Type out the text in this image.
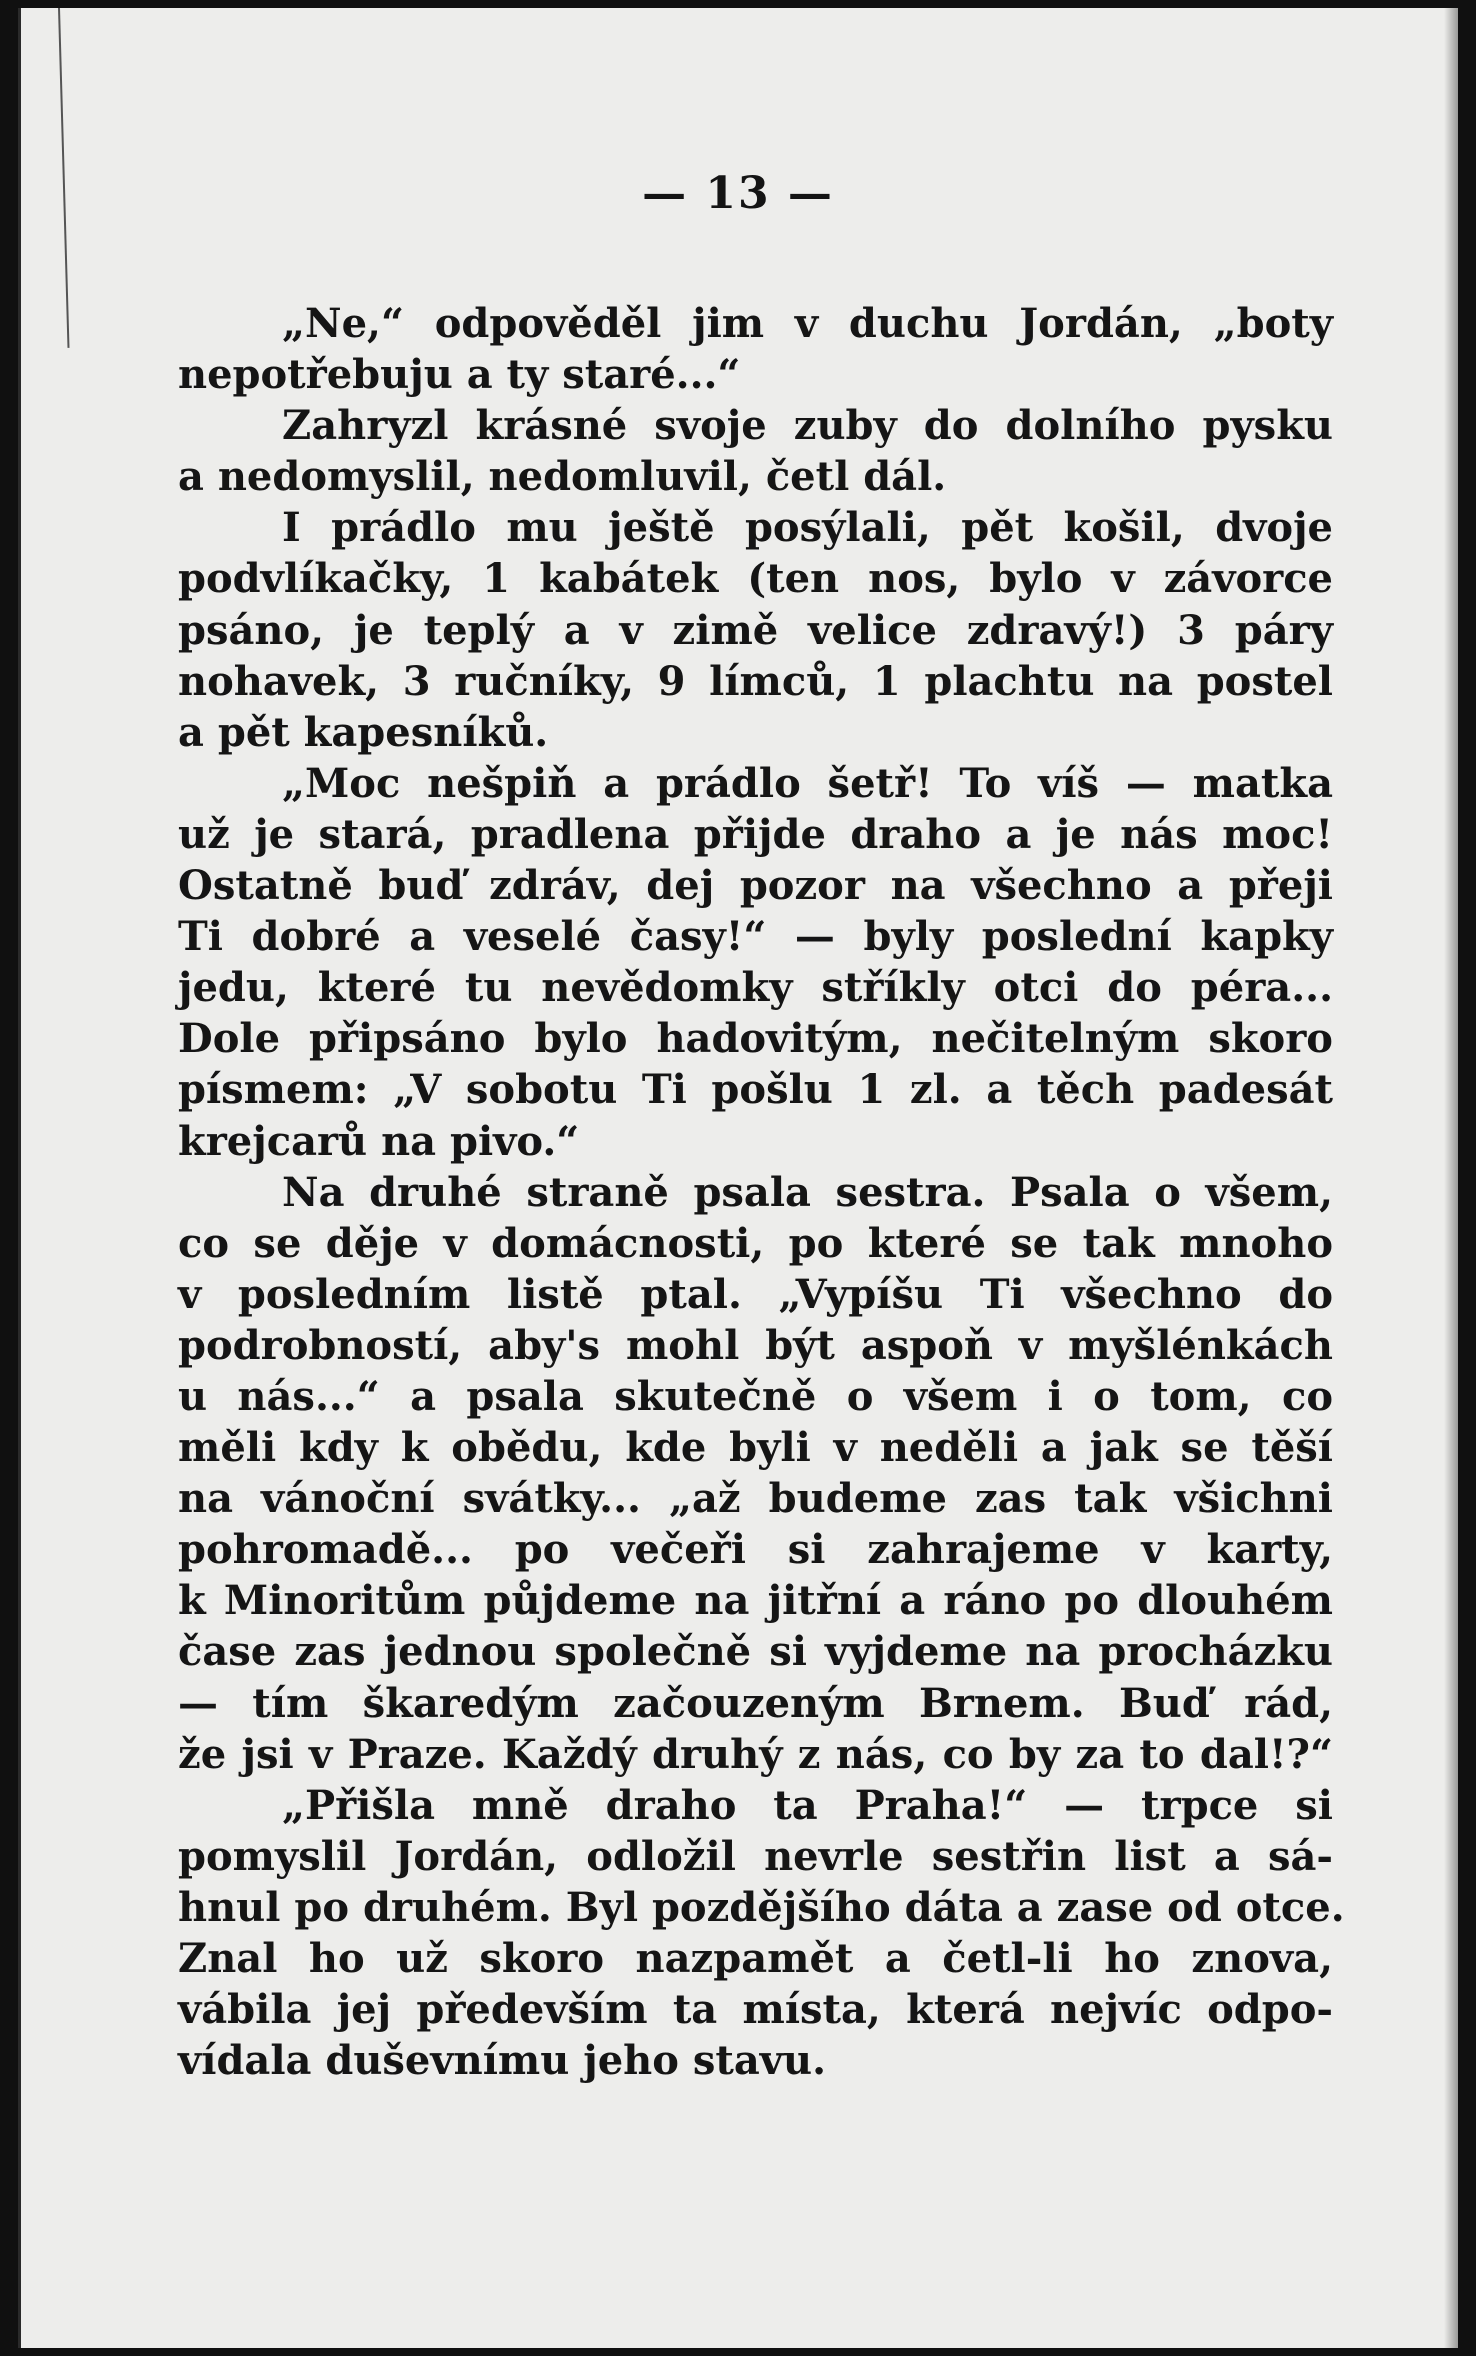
— 13 —
„Ne,“ odpověděl jim v duchu Jordán, „boty
nepotřebuju a ty staré...“
Zahryzl krásné svoje zuby do dolního pysku
a nedomyslil, nedomluvil, četl dál.
I prádlo mu ještě posýlali, pět košil, dvoje
podvlíkačky, 1 kabátek (ten nos, bylo v závorce
psáno, je teplý a v zimě velice zdravý!) 3 páry
nohavek, 3 ručníky, 9 límců, 1 plachtu na postel
a pět kapesníků.
„Moc nešpiň a prádlo šetř! To víš — matka
už je stará, pradlena přijde draho a je nás moc!
Ostatně buď zdráv, dej pozor na všechno a přeji
Ti dobré a veselé časy!“ — byly poslední kapky
jedu, které tu nevědomky stříkly otci do péra...
Dole připsáno bylo hadovitým, nečitelným skoro
písmem: „V sobotu Ti pošlu 1 zl. a těch padesát
krejcarů na pivo.“
Na druhé straně psala sestra. Psala o všem,
co se děje v domácnosti, po které se tak mnoho
v posledním listě ptal. „Vypíšu Ti všechno do
podrobností, aby's mohl být aspoň v myšlénkách
u nás...“ a psala skutečně o všem i o tom, co
měli kdy k obědu, kde byli v neděli a jak se těší
na vánoční svátky... „až budeme zas tak všichni
pohromadě... po večeři si zahrajeme v karty,
k Minoritům půjdeme na jitřní a ráno po dlouhém
čase zas jednou společně si vyjdeme na procházku
— tím škaredým začouzeným Brnem. Buď rád,
že jsi v Praze. Každý druhý z nás, co by za to dal!?“
„Přišla mně draho ta Praha!“ — trpce si
pomyslil Jordán, odložil nevrle sestřin list a sá-
hnul po druhém. Byl pozdějšího dáta a zase od otce.
Znal ho už skoro nazpamět a četl-li ho znova,
vábila jej především ta místa, která nejvíc odpo-
vídala duševnímu jeho stavu.
